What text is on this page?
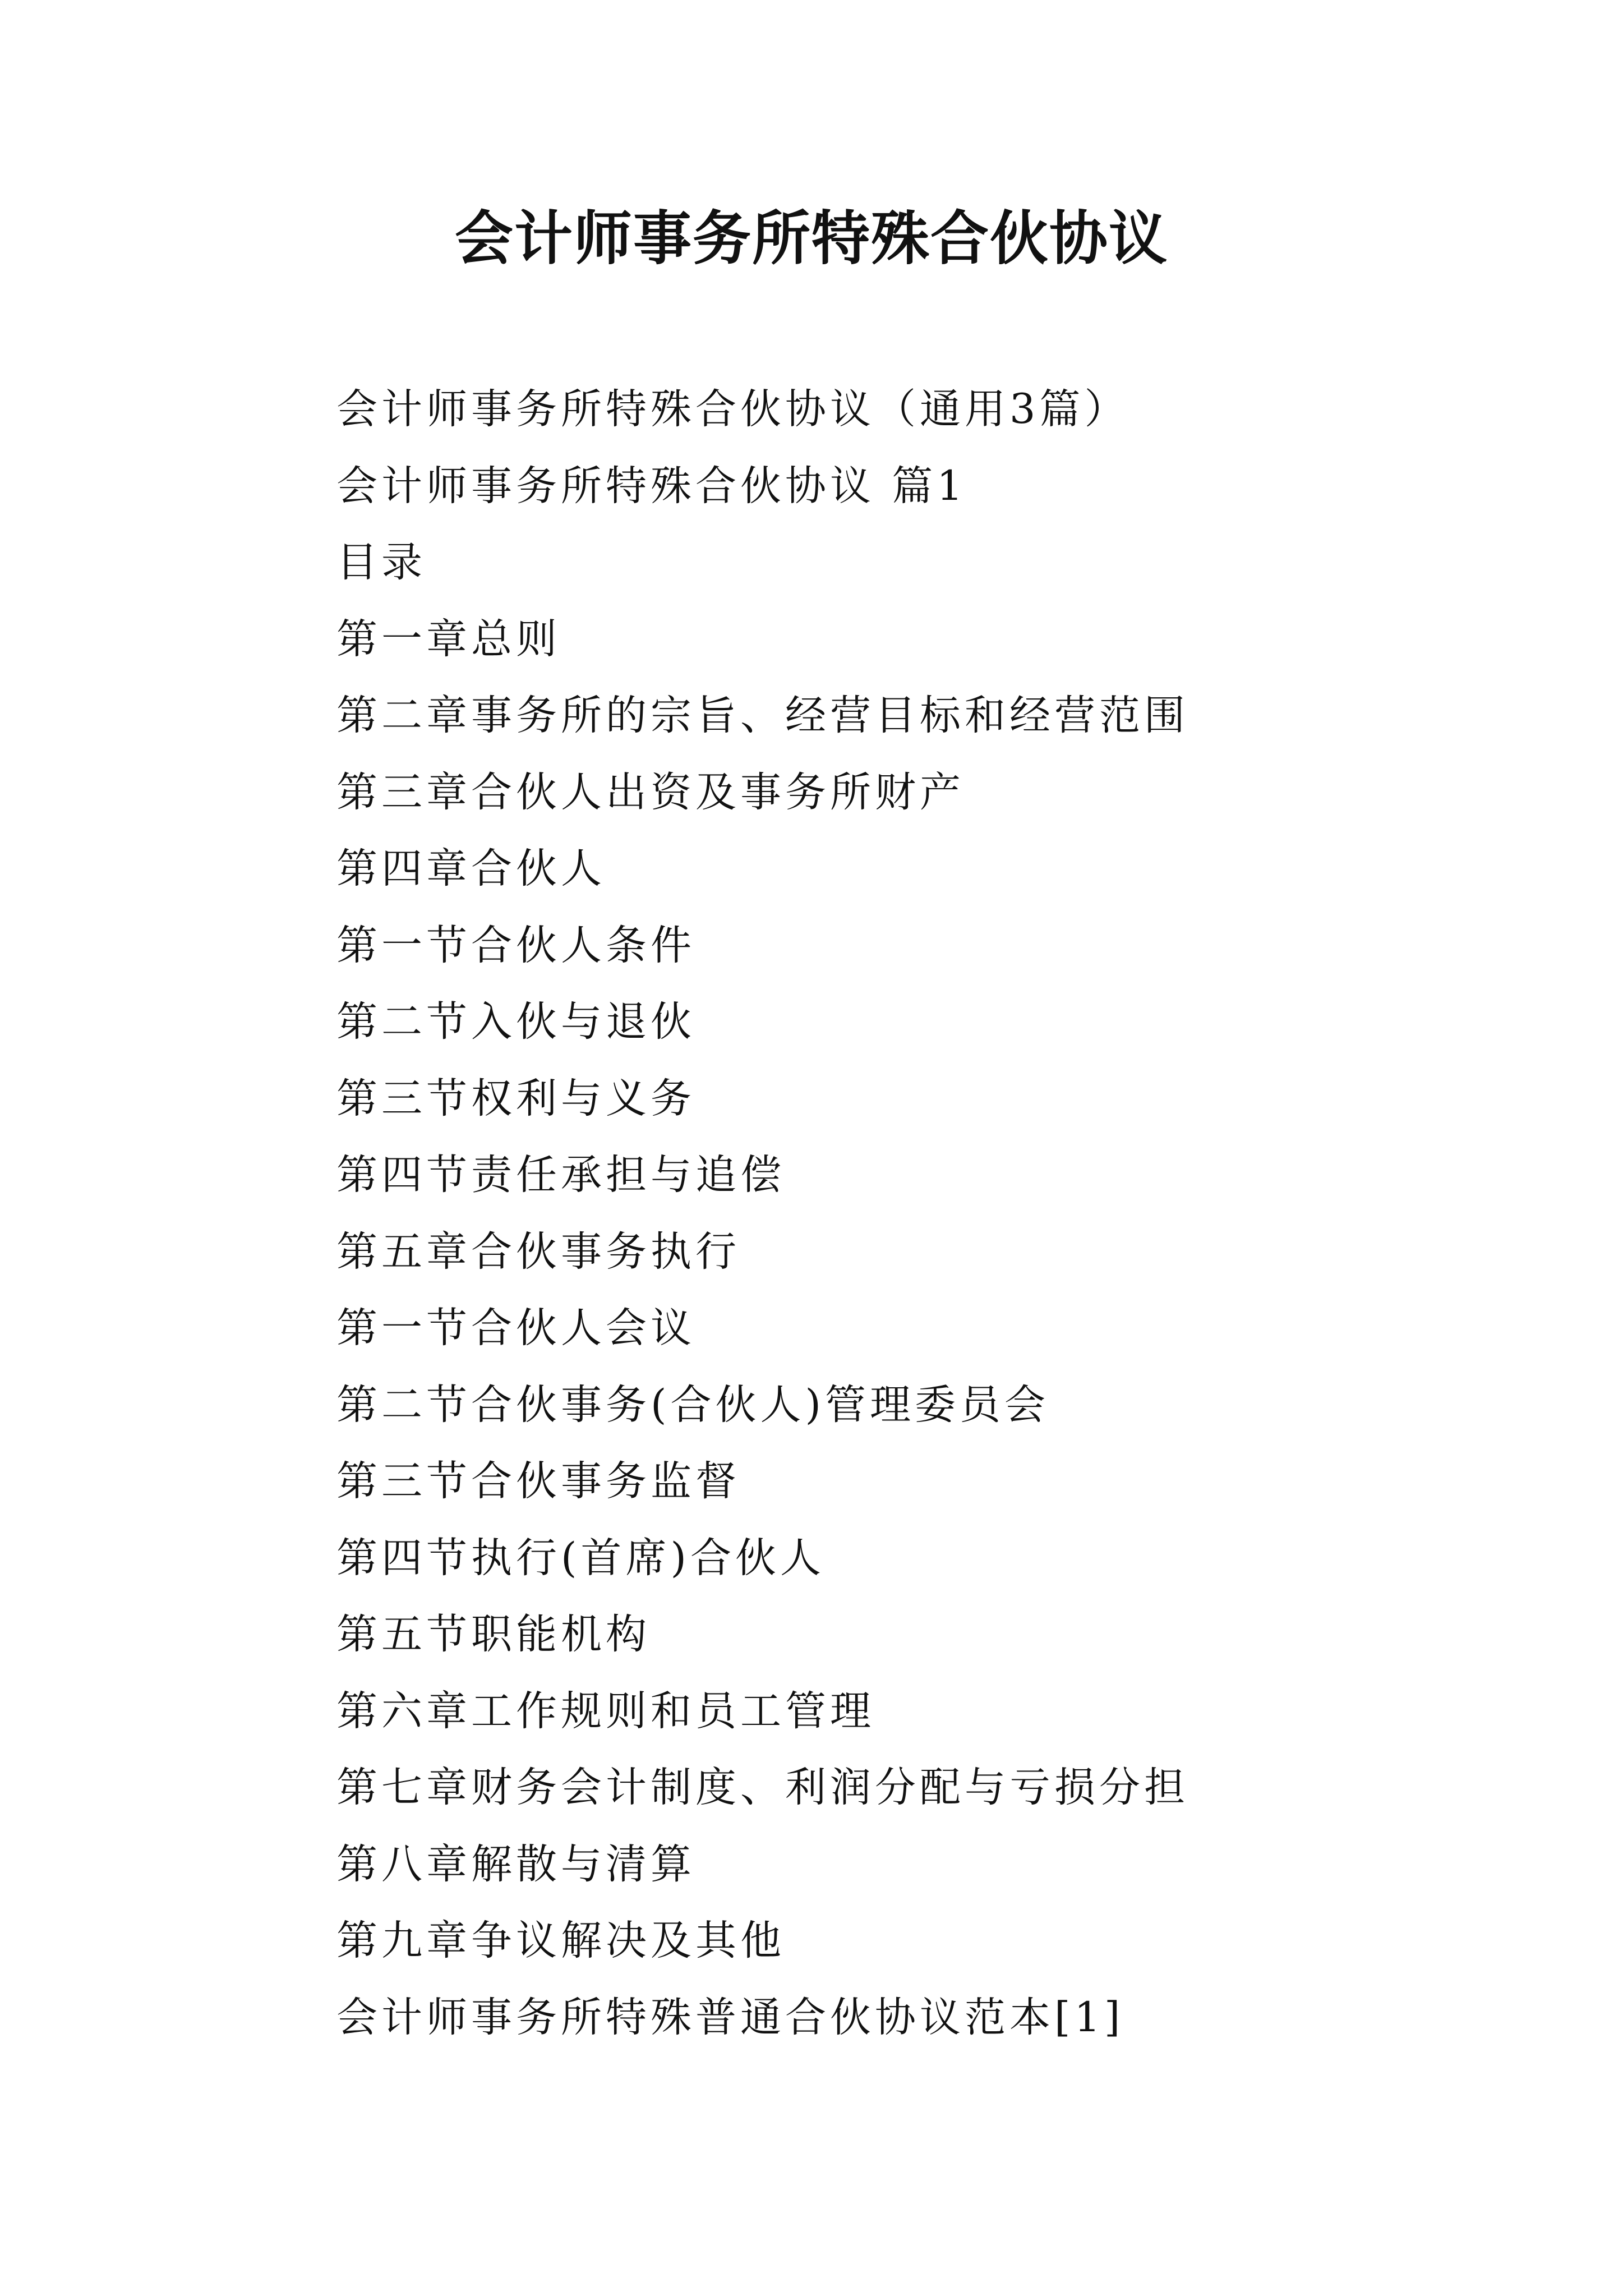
会计师事务所特殊合伙协议
会计师事务所特殊合伙协议（通用3篇）
会计师事务所特殊合伙协议 篇1
目录
第一章总则
第二章事务所的宗旨、经营目标和经营范围
第三章合伙人出资及事务所财产
第四章合伙人
第一节合伙人条件
第二节入伙与退伙
第三节权利与义务
第四节责任承担与追偿
第五章合伙事务执行
第一节合伙人会议
第二节合伙事务(合伙人)管理委员会
第三节合伙事务监督
第四节执行(首席)合伙人
第五节职能机构
第六章工作规则和员工管理
第七章财务会计制度、利润分配与亏损分担
第八章解散与清算
第九章争议解决及其他
会计师事务所特殊普通合伙协议范本[1]
